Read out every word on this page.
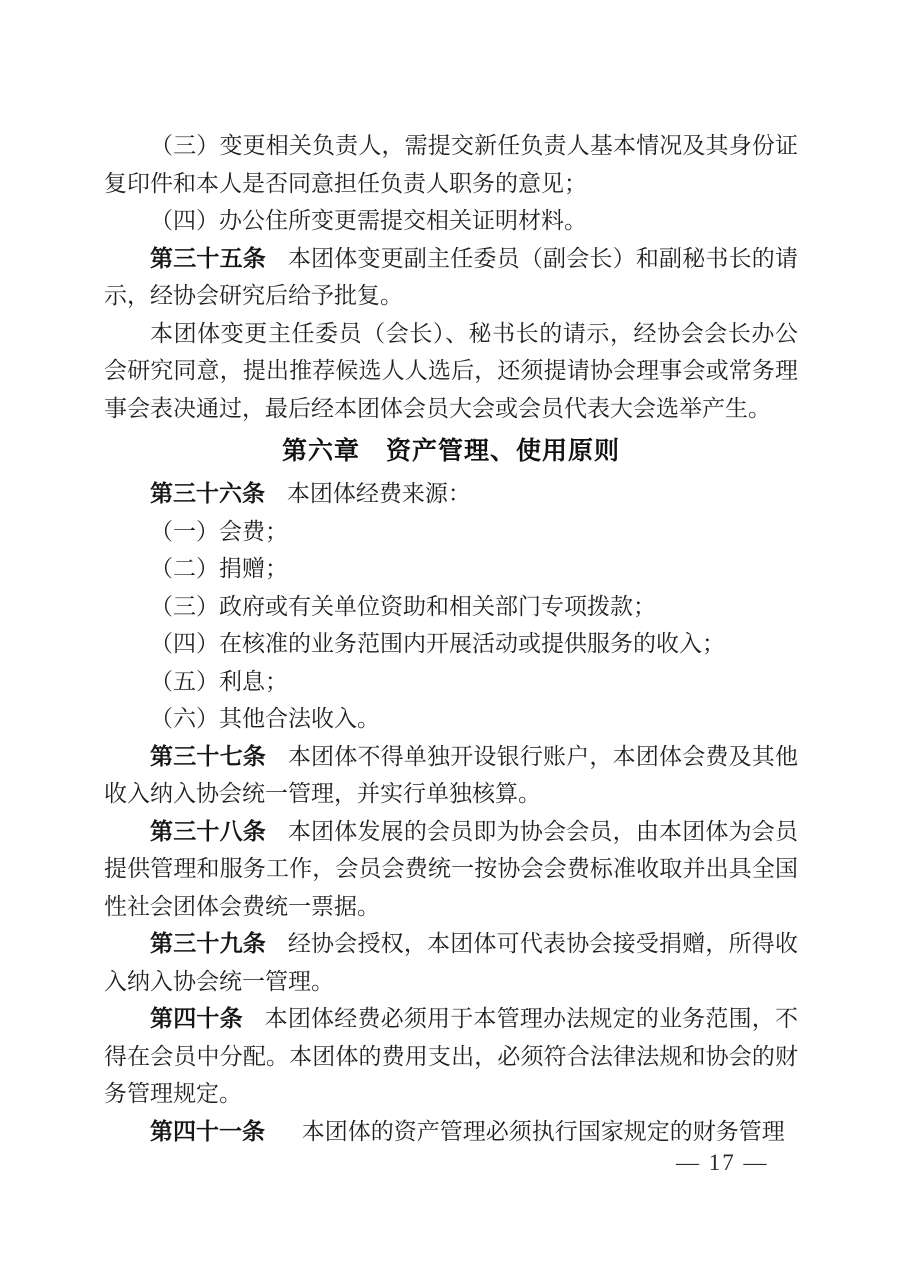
（三）变更相关负责人，需提交新任负责人基本情况及其身份证复印件和本人是否同意担任负责人职务的意见；

（四）办公住所变更需提交相关证明材料。

第三十五条 本团体变更副主任委员（副会长）和副秘书长的请示，经协会研究后给予批复。

本团体变更主任委员（会长）、秘书长的请示，经协会会长办公会研究同意，提出推荐候选人人选后，还须提请协会理事会或常务理事会表决通过，最后经本团体会员大会或会员代表大会选举产生。

第六章　资产管理、使用原则

第三十六条 本团体经费来源：

（一）会费；

（二）捐赠；

（三）政府或有关单位资助和相关部门专项拨款；

（四）在核准的业务范围内开展活动或提供服务的收入；

（五）利息；

（六）其他合法收入。

第三十七条 本团体不得单独开设银行账户，本团体会费及其他收入纳入协会统一管理，并实行单独核算。

第三十八条 本团体发展的会员即为协会会员，由本团体为会员提供管理和服务工作，会员会费统一按协会会费标准收取并出具全国性社会团体会费统一票据。

第三十九条 经协会授权，本团体可代表协会接受捐赠，所得收入纳入协会统一管理。

第四十条 本团体经费必须用于本管理办法规定的业务范围，不得在会员中分配。本团体的费用支出，必须符合法律法规和协会的财务管理规定。

第四十一条 本团体的资产管理必须执行国家规定的财务管理

— 17 —
